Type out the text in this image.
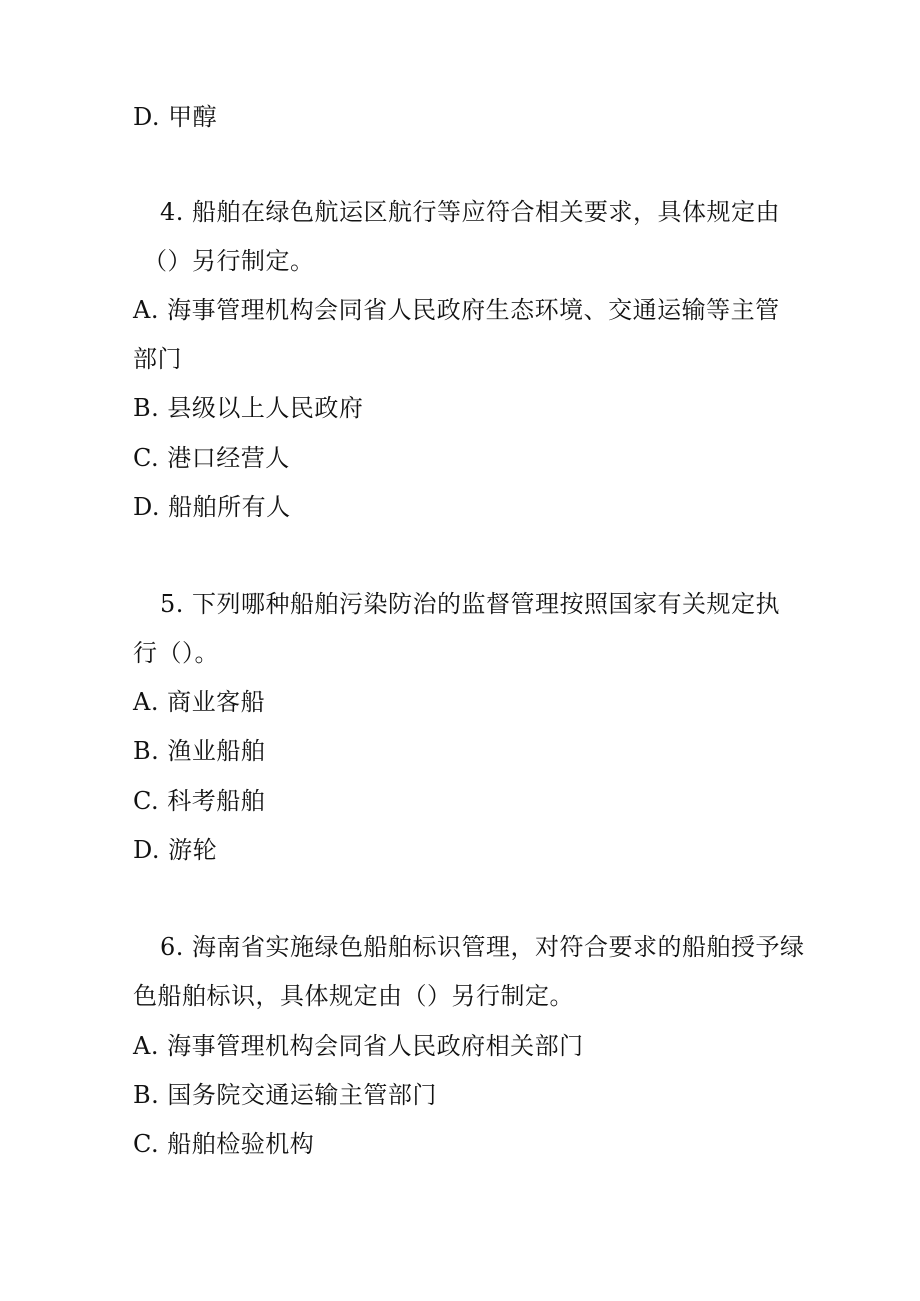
D. 甲醇
4. 船舶在绿色航运区航行等应符合相关要求，具体规定由
（）另行制定。
A. 海事管理机构会同省人民政府生态环境、交通运输等主管
部门
B. 县级以上人民政府
C. 港口经营人
D. 船舶所有人
5. 下列哪种船舶污染防治的监督管理按照国家有关规定执
行（）。
A. 商业客船
B. 渔业船舶
C. 科考船舶
D. 游轮
6. 海南省实施绿色船舶标识管理，对符合要求的船舶授予绿
色船舶标识，具体规定由（）另行制定。
A. 海事管理机构会同省人民政府相关部门
B. 国务院交通运输主管部门
C. 船舶检验机构
